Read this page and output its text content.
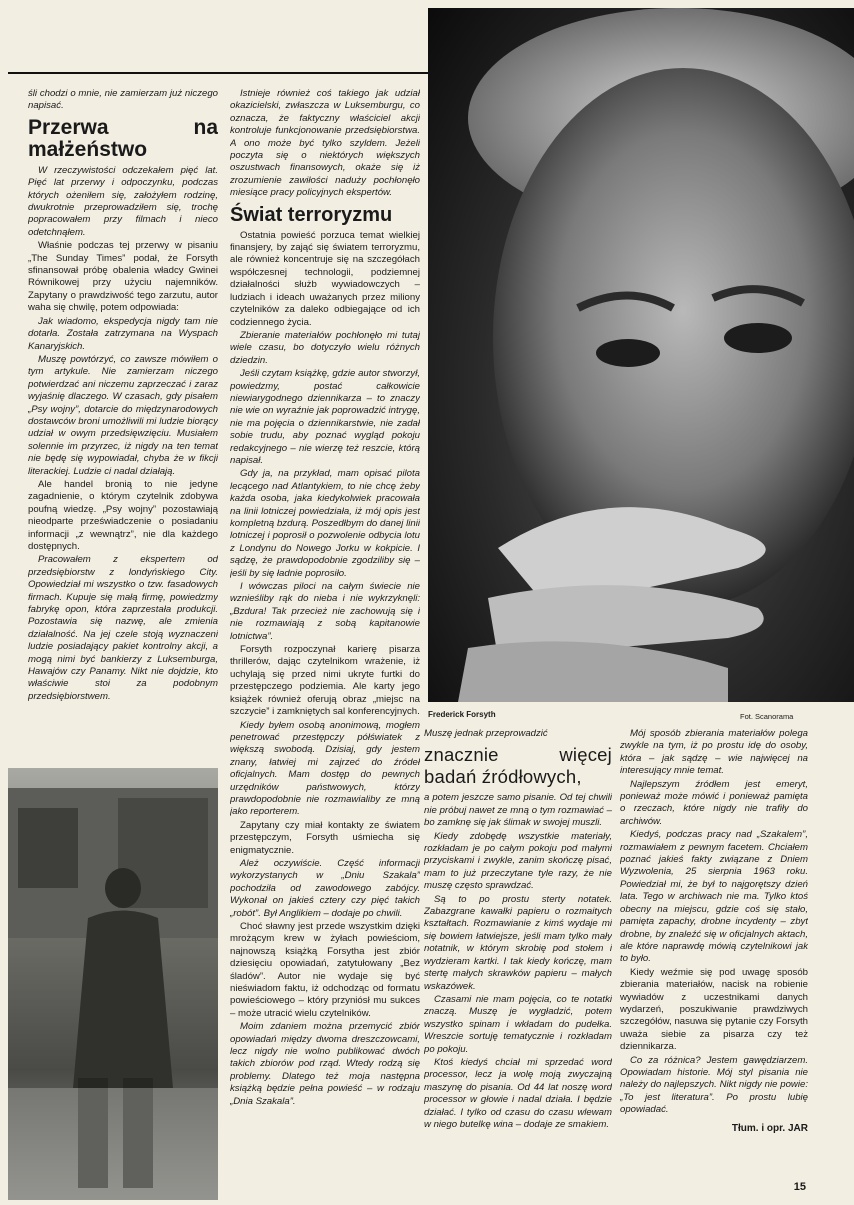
śli chodzi o mnie, nie zamierzam już niczego napisać.

Przerwa na małżeństwo

W rzeczywistości odczekałem pięć lat. Pięć lat przerwy i odpoczynku, podczas których ożeniłem się, założyłem rodzinę, dwukrotnie przeprowadziłem się, trochę popracowałem przy filmach i nieco odetchnąłem.

Właśnie podczas tej przerwy w pisaniu „The Sunday Times” podał, że Forsyth sfinansował próbę obalenia władcy Gwinei Równikowej przy użyciu najemników. Zapytany o prawdziwość tego zarzutu, autor waha się chwilę, potem odpowiada:

Jak wiadomo, ekspedycja nigdy tam nie dotarła. Została zatrzymana na Wyspach Kanaryjskich.

Muszę powtórzyć, co zawsze mówiłem o tym artykule. Nie zamierzam niczego potwierdzać ani niczemu zaprzeczać i zaraz wyjaśnię dlaczego. W czasach, gdy pisałem „Psy wojny”, dotarcie do międzynarodowych dostawców broni umożliwili mi ludzie biorący udział w owym przedsięwzięciu. Musiałem solennie im przyrzec, iż nigdy na ten temat nie będę się wypowiadał, chyba że w fikcji literackiej. Ludzie ci nadal działają.

Ale handel bronią to nie jedyne zagadnienie, o którym czytelnik zdobywa poufną wiedzę. „Psy wojny” pozostawiają nieodparte przeświadczenie o posiadaniu informacji „z wewnątrz”, nie dla każdego dostępnych.

Pracowałem z ekspertem od przedsiębiorstw z londyńskiego City. Opowiedział mi wszystko o tzw. fasadowych firmach. Kupuje się małą firmę, powiedzmy fabrykę opon, która zaprzestała produkcji. Pozostawia się nazwę, ale zmienia działalność. Na jej czele stoją wyznaczeni ludzie posiadający pakiet kontrolny akcji, a mogą nimi być bankierzy z Luksemburga, Hawajów czy Panamy. Nikt nie dojdzie, kto właściwie stoi za podobnym przedsiębiorstwem.

Istnieje również coś takiego jak udział okazicielski, zwłaszcza w Luksemburgu, co oznacza, że faktyczny właściciel akcji kontroluje funkcjonowanie przedsiębiorstwa. A ono może być tylko szyldem. Jeżeli poczyta się o niektórych większych oszustwach finansowych, okaże się iż zrozumienie zawiłości naduży pochłonęło miesiące pracy policyjnych ekspertów.

Świat terroryzmu

Ostatnia powieść porzuca temat wielkiej finansjery, by zająć się światem terroryzmu, ale również koncentruje się na szczegółach współczesnej technologii, podziemnej działalności służb wywiadowczych – ludziach i ideach uważanych przez miliony czytelników za daleko odbiegające od ich codziennego życia.

Zbieranie materiałów pochłonęło mi tutaj wiele czasu, bo dotyczyło wielu różnych dziedzin.

Jeśli czytam książkę, gdzie autor stworzył, powiedzmy, postać całkowicie niewiarygodnego dziennikarza – to znaczy nie wie on wyraźnie jak poprowadzić intrygę, nie ma pojęcia o dziennikarstwie, nie zadał sobie trudu, aby poznać wygląd pokoju redakcyjnego – nie wierzę też reszcie, którą napisał.

Gdy ja, na przykład, mam opisać pilota lecącego nad Atlantykiem, to nie chcę żeby każda osoba, jaka kiedykolwiek pracowała na linii lotniczej powiedziała, iż mój opis jest kompletną bzdurą. Poszedłbym do danej linii lotniczej i poprosił o pozwolenie odbycia lotu z Londynu do Nowego Jorku w kokpicie. I sądzę, że prawdopodobnie zgodziliby się – jeśli by się ładnie poprosiło.

I wówczas piloci na całym świecie nie wznieśliby rąk do nieba i nie wykrzyknęli: „Bzdura! Tak przecież nie zachowują się i nie rozmawiają z sobą kapitanowie lotnictwa”.

Forsyth rozpoczynał karierę pisarza thrillerów, dając czytelnikom wrażenie, iż uchylają się przed nimi ukryte furtki do przestępczego podziemia. Ale karty jego książek również oferują obraz „miejsc na szczycie” i zamkniętych sal konferencyjnych.

Kiedy byłem osobą anonimową, mogłem penetrować przestępczy półświatek z większą swobodą. Dzisiaj, gdy jestem znany, łatwiej mi zajrzeć do źródeł oficjalnych. Mam dostęp do pewnych urzędników państwowych, którzy prawdopodobnie nie rozmawialiby ze mną jako reporterem.

Zapytany czy miał kontakty ze światem przestępczym, Forsyth uśmiecha się enigmatycznie.

Ależ oczywiście. Część informacji wykorzystanych w „Dniu Szakala” pochodziła od zawodowego zabójcy. Wykonał on jakieś cztery czy pięć takich „robót”. Był Anglikiem – dodaje po chwili.

Choć sławny jest przede wszystkim dzięki mrożącym krew w żyłach powieściom, najnowszą książką Forsytha jest zbiór dziesięciu opowiadań, zatytułowany „Bez śladów”. Autor nie wydaje się być nieświadom faktu, iż odchodząc od formatu powieściowego – który przyniósł mu sukces – może utracić wielu czytelników.

Moim zdaniem można przemycić zbiór opowiadań między dwoma dreszczowcami, lecz nigdy nie wolno publikować dwóch takich zbiorów pod rząd. Wtedy rodzą się problemy. Dlatego też moja następna książką będzie pełna powieść – w rodzaju „Dnia Szakala”.

Frederick Forsyth	Fot. Scanorama

Muszę jednak przeprowadzić

znacznie więcej badań źródłowych,

a potem jeszcze samo pisanie. Od tej chwili nie próbuj nawet ze mną o tym rozmawiać – bo zamknę się jak ślimak w swojej muszli.

Kiedy zdobędę wszystkie materiały, rozkładam je po całym pokoju pod małymi przyciskami i zwykle, zanim skończę pisać, mam to już przeczytane tyle razy, że nie muszę często sprawdzać.

Są to po prostu sterty notatek. Zabazgrane kawałki papieru o rozmaitych kształtach. Rozmawianie z kimś wydaje mi się bowiem łatwiejsze, jeśli mam tylko mały notatnik, w którym skrobię pod stołem i wydzieram kartki. I tak kiedy kończę, mam stertę małych skrawków papieru – małych wskazówek.

Czasami nie mam pojęcia, co te notatki znaczą. Muszę je wygładzić, potem wszystko spinam i wkładam do pudełka. Wreszcie sortuję tematycznie i rozkładam po pokoju.

Ktoś kiedyś chciał mi sprzedać word processor, lecz ja wolę moją zwyczajną maszynę do pisania. Od 44 lat noszę word processor w głowie i nadal działa. I będzie działać. I tylko od czasu do czasu wlewam w niego butelkę wina – dodaje ze smakiem.

Mój sposób zbierania materiałów polega zwykle na tym, iż po prostu idę do osoby, która – jak sądzę – wie najwięcej na interesujący mnie temat.

Najlepszym źródłem jest emeryt, ponieważ może mówić i ponieważ pamięta o rzeczach, które nigdy nie trafiły do archiwów.

Kiedyś, podczas pracy nad „Szakalem”, rozmawiałem z pewnym facetem. Chciałem poznać jakieś fakty związane z Dniem Wyzwolenia, 25 sierpnia 1963 roku. Powiedział mi, że był to najgorętszy dzień lata. Tego w archiwach nie ma. Tylko ktoś obecny na miejscu, gdzie coś się stało, pamięta zapachy, drobne incydenty – zbyt drobne, by znaleźć się w oficjalnych aktach, ale które naprawdę mówią czytelnikowi jak to było.

Kiedy weźmie się pod uwagę sposób zbierania materiałów, nacisk na robienie wywiadów z uczestnikami danych wydarzeń, poszukiwanie prawdziwych szczegółów, nasuwa się pytanie czy Forsyth uważa siebie za pisarza czy też dziennikarza.

Co za różnica? Jestem gawędziarzem. Opowiadam historie. Mój styl pisania nie należy do najlepszych. Nikt nigdy nie powie: „To jest literatura”. Po prostu lubię opowiadać.

Tłum. i opr. JAR
15
